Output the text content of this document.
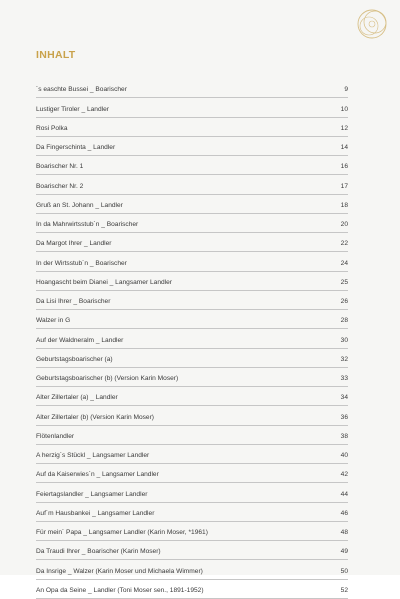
INHALT
´s easchte Bussei _ Boarischer	9
Lustiger Tiroler _ Landler	10
Rosi Polka	12
Da Fingerschinta _ Landler	14
Boarischer Nr. 1	16
Boarischer Nr. 2	17
Gruß an St. Johann _ Landler	18
In da Mahrwirtsstub´n _ Boarischer	20
Da Margot Ihrer _ Landler	22
In der Wirtsstub´n _ Boarischer	24
Hoangascht beim Dianei _ Langsamer Landler	25
Da Lisi Ihrer _ Boarischer	26
Walzer in G	28
Auf der Waldneralm _ Landler	30
Geburtstagsboarischer (a)	32
Geburtstagsboarischer (b) (Version Karin Moser)	33
Alter Zillertaler (a) _ Landler	34
Alter Zillertaler (b) (Version Karin Moser)	36
Flötenlandler	38
A herzig´s Stückl _ Langsamer Landler	40
Auf da Kaiserwies´n _ Langsamer Landler	42
Feiertagslandler _ Langsamer Landler	44
Auf´m Hausbankei _ Langsamer Landler	46
Für mein´ Papa _ Langsamer Landler (Karin Moser, *1961)	48
Da Traudi Ihrer _ Boarischer (Karin Moser)	49
Da Insrige _ Walzer (Karin Moser und Michaela Wimmer)	50
An Opa da Seine _ Landler (Toni Moser sen., 1891-1952)	52
